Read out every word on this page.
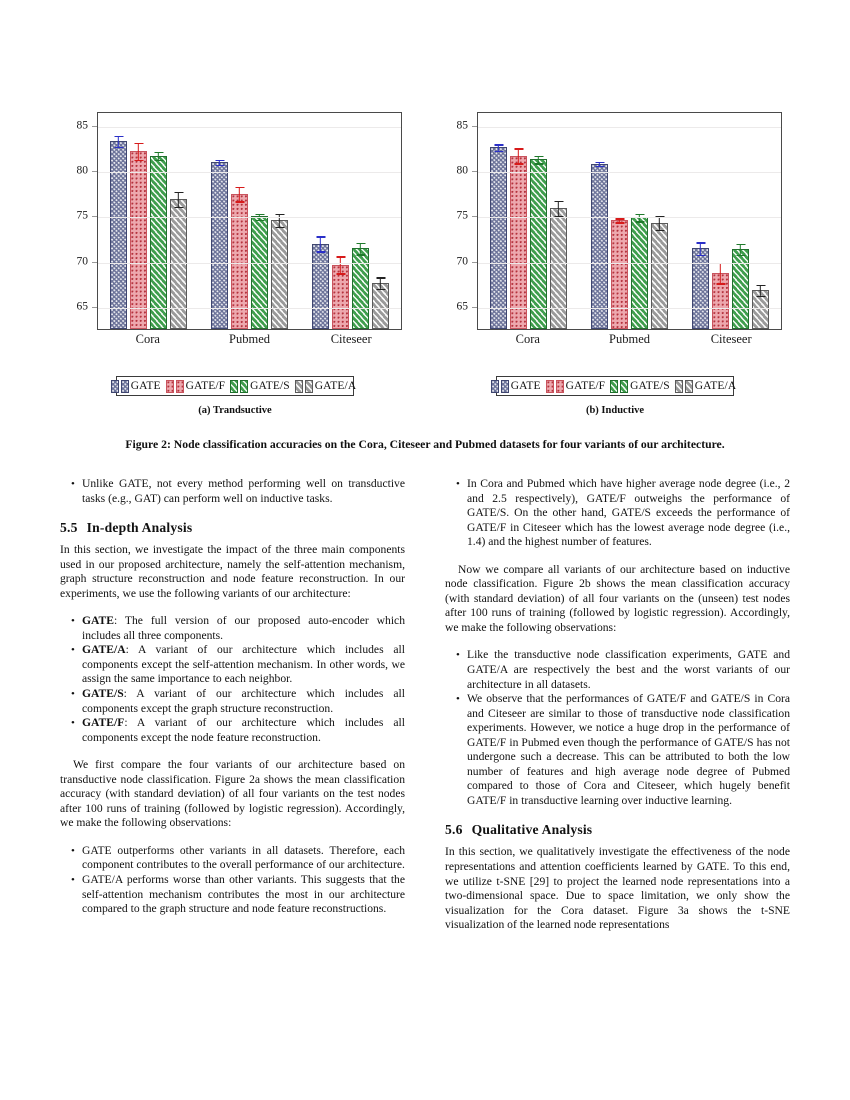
65
70
75
80
85
Cora	Pubmed	Citeseer
GATE GATE/F GATE/S GATE/A
65
70
75
80
85
Cora	Pubmed	Citeseer
GATE GATE/F GATE/S GATE/A
(a) Trandsuctive	(b) Inductive
Figure 2: Node classification accuracies on the Cora, Citeseer and Pubmed datasets for four variants of our architecture.
• Unlike GATE, not every method performing well on transductive tasks (e.g., GAT) can perform well on inductive tasks.
5.5 In-depth Analysis

In this section, we investigate the impact of the three main components used in our proposed architecture, namely the self-attention mechanism, graph structure reconstruction and node feature reconstruction. In our experiments, we use the following variants of our architecture:

• GATE: The full version of our proposed auto-encoder which includes all three components.
• GATE/A: A variant of our architecture which includes all components except the self-attention mechanism. In other words, we assign the same importance to each neighbor.
• GATE/S: A variant of our architecture which includes all components except the graph structure reconstruction.
• GATE/F: A variant of our architecture which includes all components except the node feature reconstruction.

We first compare the four variants of our architecture based on transductive node classification. Figure 2a shows the mean classification accuracy (with standard deviation) of all four variants on the test nodes after 100 runs of training (followed by logistic regression). Accordingly, we make the following observations:

• GATE outperforms other variants in all datasets. Therefore, each component contributes to the overall performance of our architecture.
• GATE/A performs worse than other variants. This suggests that the self-attention mechanism contributes the most in our architecture compared to the graph structure and node feature reconstructions.
• In Cora and Pubmed which have higher average node degree (i.e., 2 and 2.5 respectively), GATE/F outweighs the performance of GATE/S. On the other hand, GATE/S exceeds the performance of GATE/F in Citeseer which has the lowest average node degree (i.e., 1.4) and the highest number of features.

Now we compare all variants of our architecture based on inductive node classification. Figure 2b shows the mean classification accuracy (with standard deviation) of all four variants on the (unseen) test nodes after 100 runs of training (followed by logistic regression). Accordingly, we make the following observations:

• Like the transductive node classification experiments, GATE and GATE/A are respectively the best and the worst variants of our architecture in all datasets.
• We observe that the performances of GATE/F and GATE/S in Cora and Citeseer are similar to those of transductive node classification experiments. However, we notice a huge drop in the performance of GATE/F in Pubmed even though the performance of GATE/S has not undergone such a decrease. This can be attributed to both the low number of features and high average node degree of Pubmed compared to those of Cora and Citeseer, which hugely benefit GATE/F in transductive learning over inductive learning.
5.6 Qualitative Analysis

In this section, we qualitatively investigate the effectiveness of the node representations and attention coefficients learned by GATE. To this end, we utilize t-SNE [29] to project the learned node representations into a two-dimensional space. Due to space limitation, we only show the visualization for the Cora dataset. Figure 3a shows the t-SNE visualization of the learned node representations
